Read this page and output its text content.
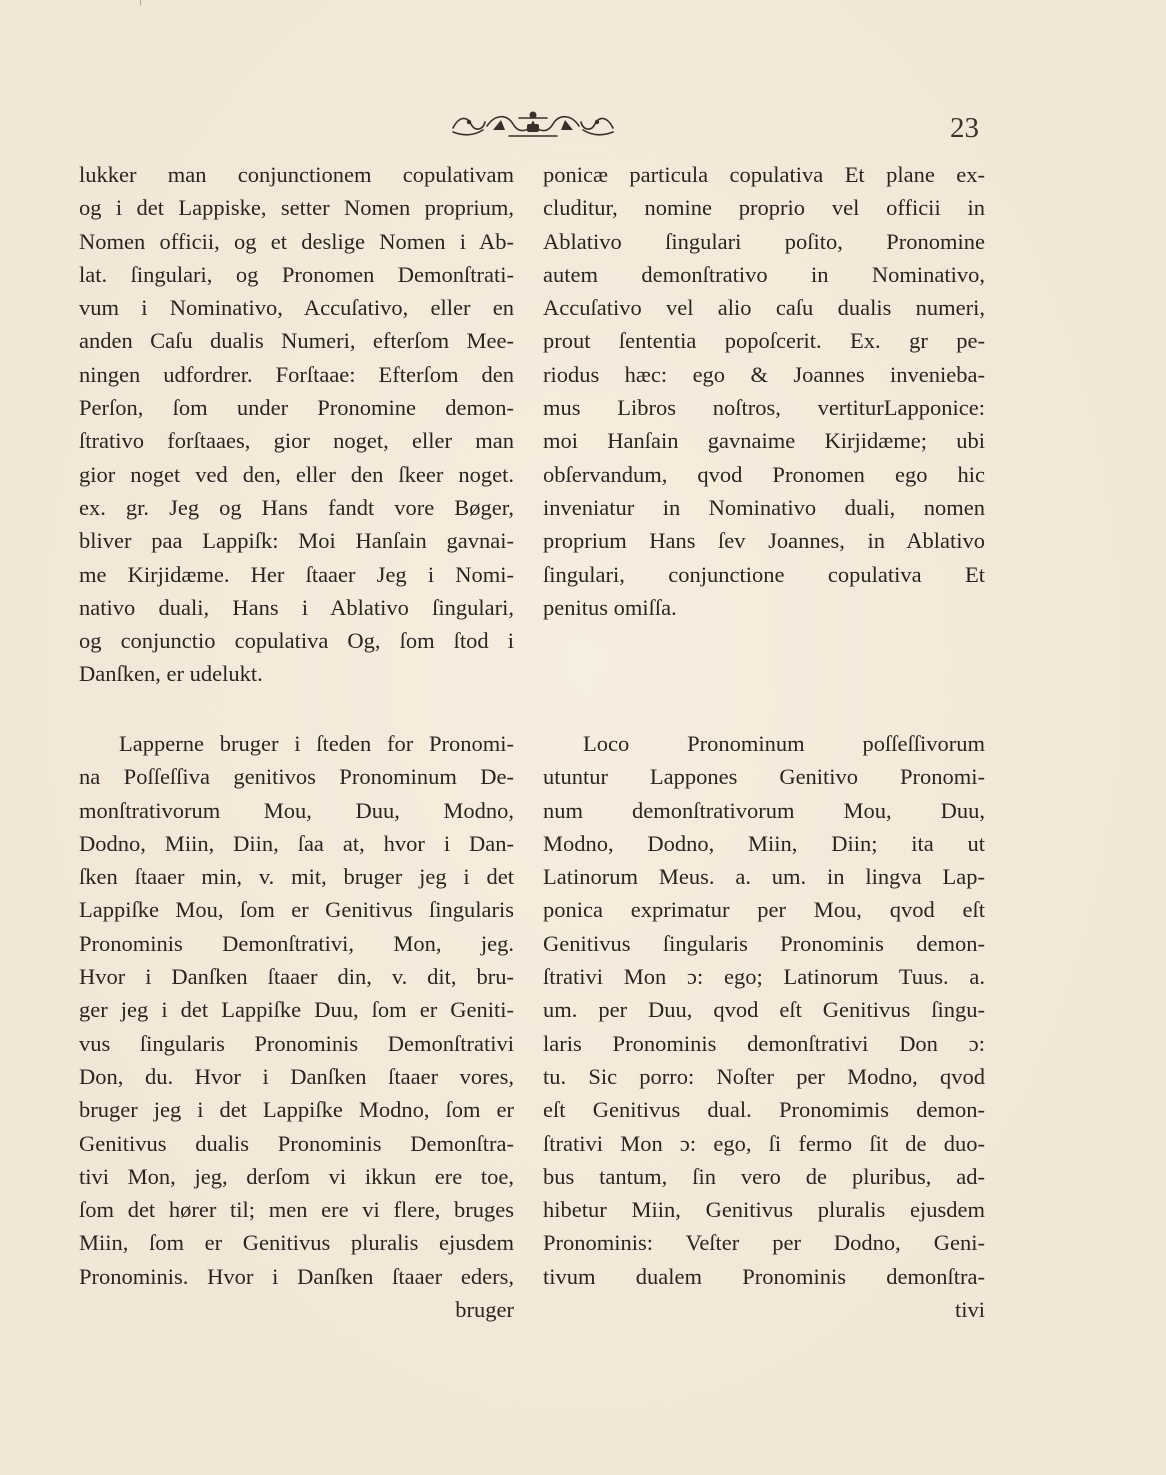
23
lukker man conjunctionem copulativam
og i det Lappiske, setter Nomen proprium,
Nomen officii, og et deslige Nomen i Ab-
lat. ſingulari, og Pronomen Demonſtrati-
vum i Nominativo, Accuſativo, eller en
anden Caſu dualis Numeri, efterſom Mee-
ningen udfordrer. Forſtaae: Efterſom den
Perſon, ſom under Pronomine demon-
ſtrativo forſtaaes, gior noget, eller man
gior noget ved den, eller den ſkeer noget.
ex. gr. Jeg og Hans fandt vore Bøger,
bliver paa Lappiſk: Moi Hanſain gavnai-
me Kirjidæme. Her ſtaaer Jeg i Nomi-
nativo duali, Hans i Ablativo ſingulari,
og conjunctio copulativa Og, ſom ſtod i
Danſken, er udelukt.
ponicæ particula copulativa Et plane ex-
cluditur, nomine proprio vel officii in
Ablativo ſingulari poſito, Pronomine
autem demonſtrativo in Nominativo,
Accuſativo vel alio caſu dualis numeri,
prout ſententia popoſcerit. Ex. gr pe-
riodus hæc: ego & Joannes invenieba-
mus Libros noſtros, vertiturLapponice:
moi Hanſain gavnaime Kirjidæme; ubi
obſervandum, qvod Pronomen ego hic
inveniatur in Nominativo duali, nomen
proprium Hans ſev Joannes, in Ablativo
ſingulari, conjunctione copulativa Et
penitus omiſſa.
Lapperne bruger i ſteden for Pronomi-
na Poſſeſſiva genitivos Pronominum De-
monſtrativorum Mou, Duu, Modno,
Dodno, Miin, Diin, ſaa at, hvor i Dan-
ſken ſtaaer min, v. mit, bruger jeg i det
Lappiſke Mou, ſom er Genitivus ſingularis
Pronominis Demonſtrativi, Mon, jeg.
Hvor i Danſken ſtaaer din, v. dit, bru-
ger jeg i det Lappiſke Duu, ſom er Geniti-
vus ſingularis Pronominis Demonſtrativi
Don, du. Hvor i Danſken ſtaaer vores,
bruger jeg i det Lappiſke Modno, ſom er
Genitivus dualis Pronominis Demonſtra-
tivi Mon, jeg, derſom vi ikkun ere toe,
ſom det hører til; men ere vi flere, bruges
Miin, ſom er Genitivus pluralis ejusdem
Pronominis. Hvor i Danſken ſtaaer eders,
bruger
Loco Pronominum poſſeſſivorum
utuntur Lappones Genitivo Pronomi-
num demonſtrativorum Mou, Duu,
Modno, Dodno, Miin, Diin; ita ut
Latinorum Meus. a. um. in lingva Lap-
ponica exprimatur per Mou, qvod eſt
Genitivus ſingularis Pronominis demon-
ſtrativi Mon ɔ: ego; Latinorum Tuus. a.
um. per Duu, qvod eſt Genitivus ſingu-
laris Pronominis demonſtrativi Don ɔ:
tu. Sic porro: Noſter per Modno, qvod
eſt Genitivus dual. Pronomimis demon-
ſtrativi Mon ɔ: ego, ſi fermo ſit de duo-
bus tantum, ſin vero de pluribus, ad-
hibetur Miin, Genitivus pluralis ejusdem
Pronominis: Veſter per Dodno, Geni-
tivum dualem Pronominis demonſtra-
tivi
